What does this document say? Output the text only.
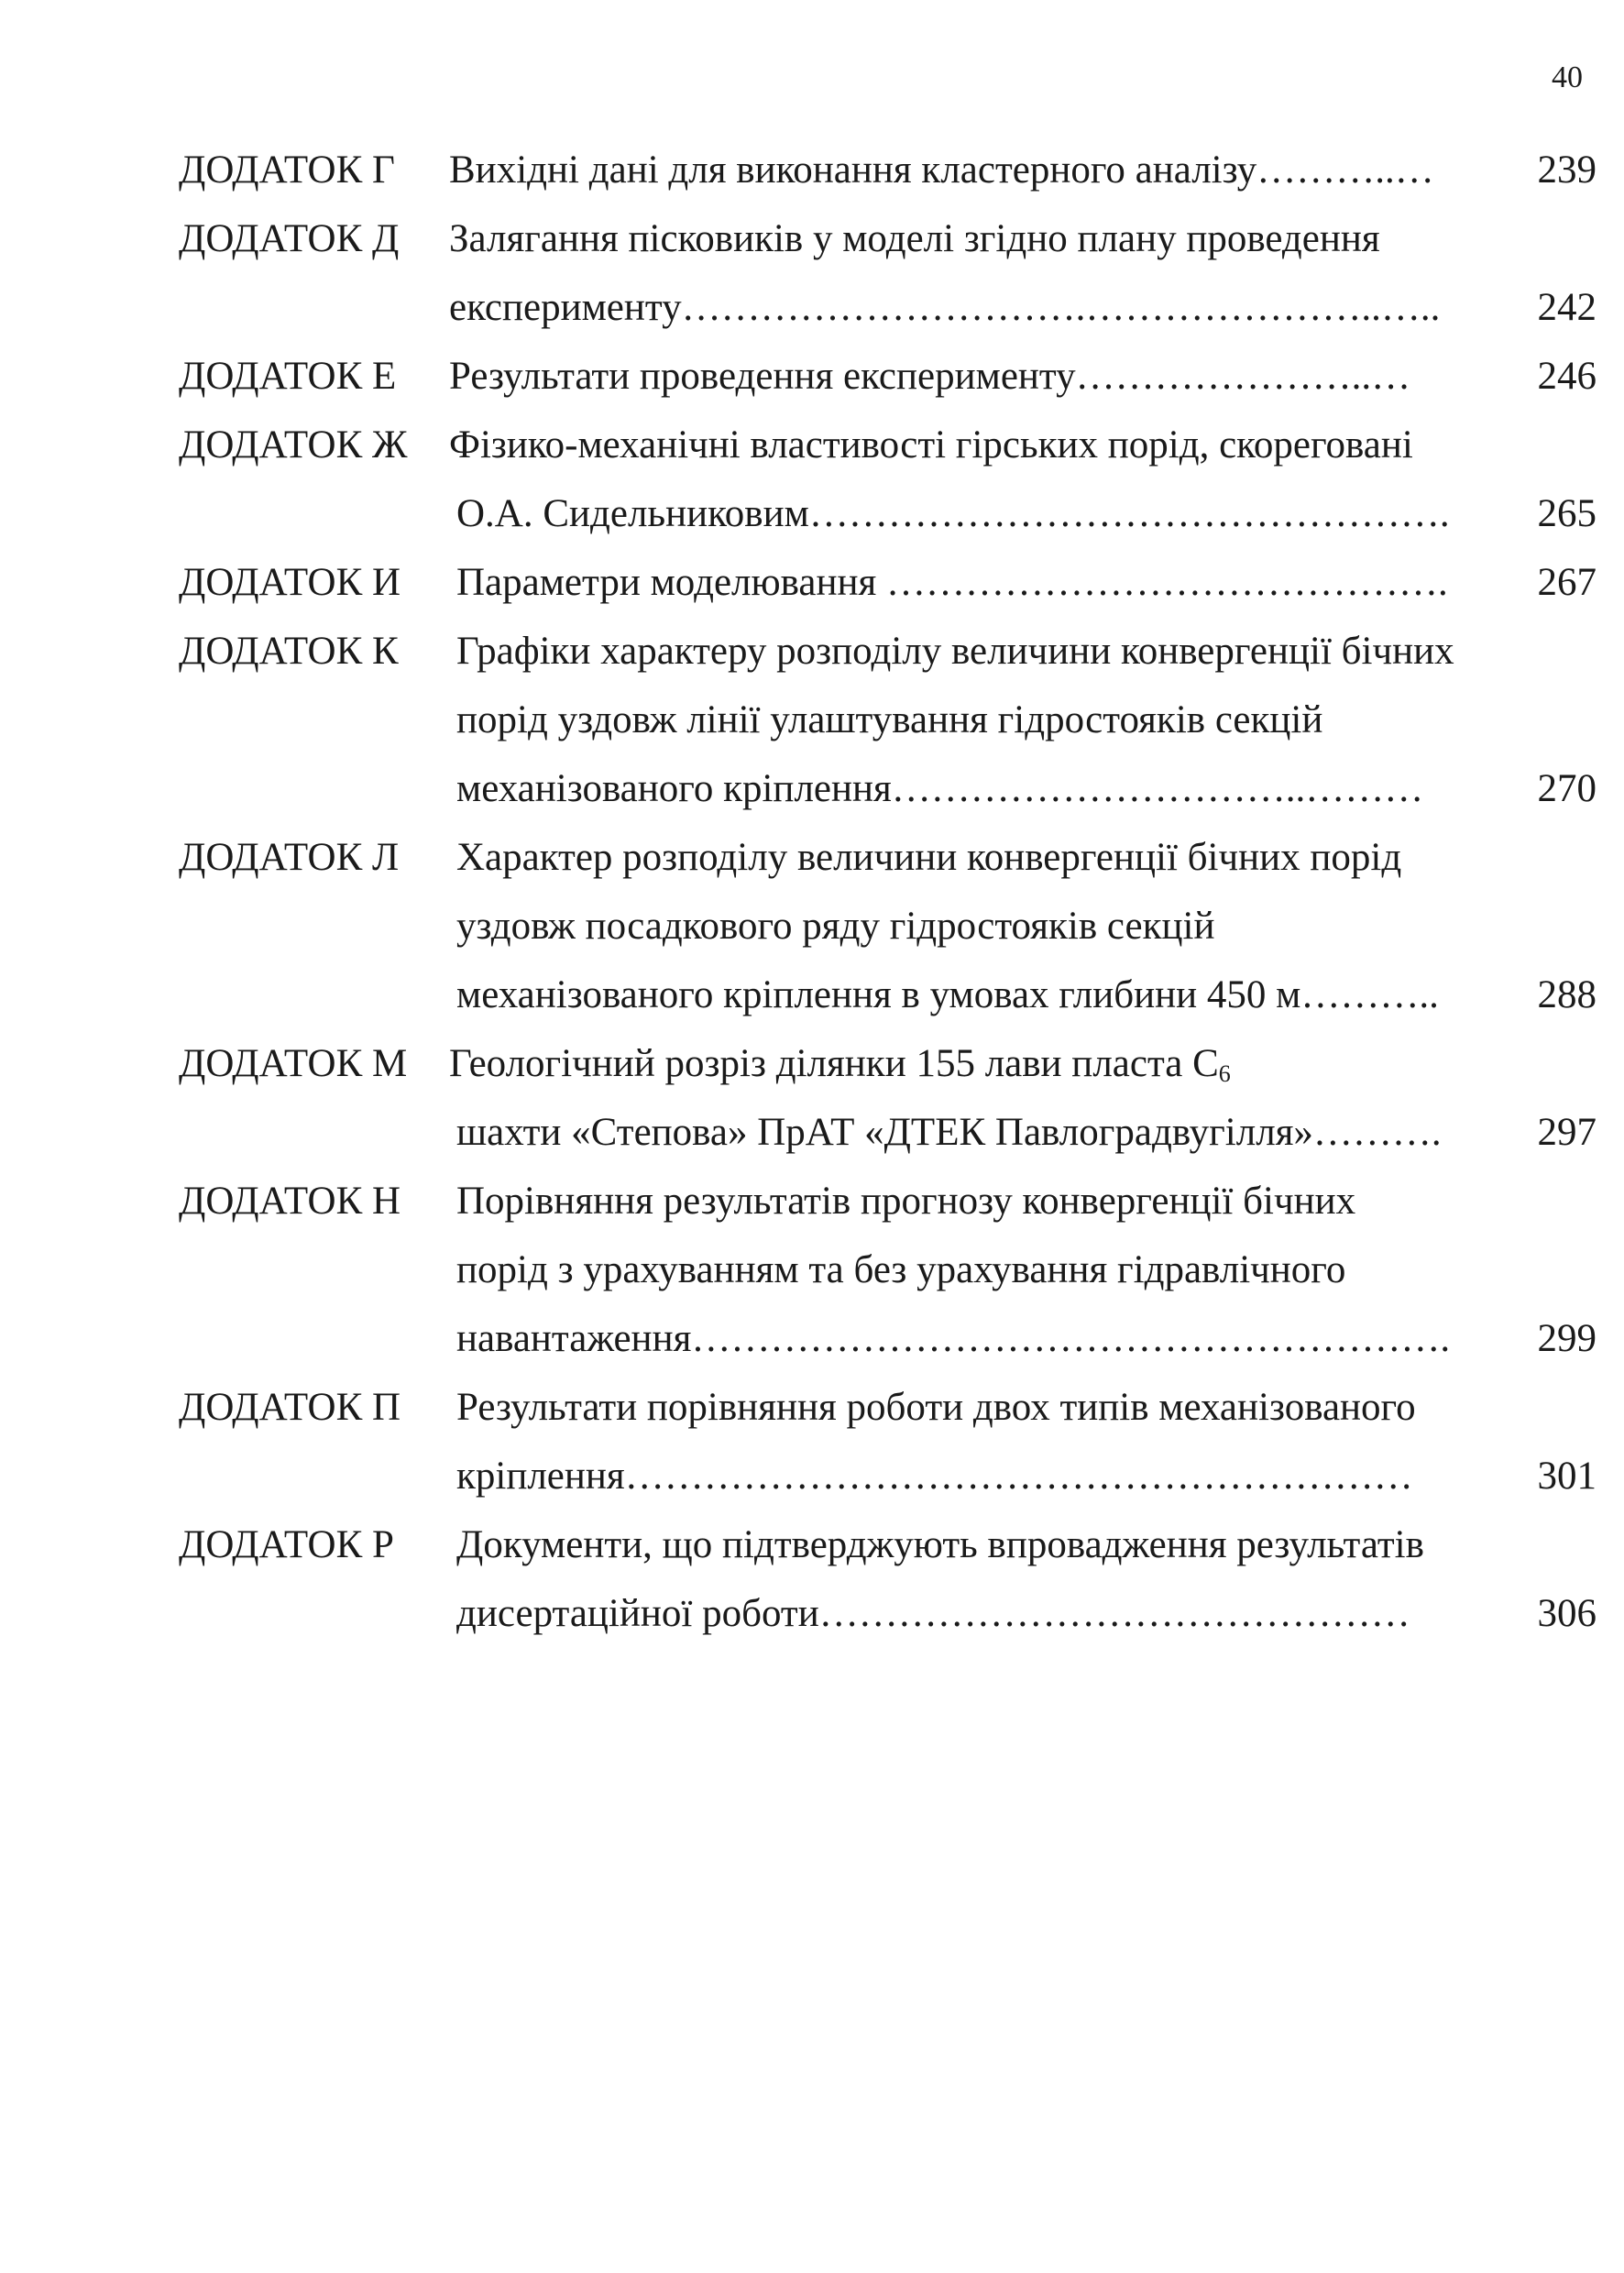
40
ДОДАТОК Г Вихідні дані для виконання кластерного аналізу………..…	239
ДОДАТОК Д Залягання пісковиків у моделі згідно плану проведення
експерименту………………………….…………………..…..	242
ДОДАТОК Е Результати проведення експерименту…………………..…	246
ДОДАТОК Ж Фізико-механічні властивості гірських порід, скореговані
О.А. Сидельниковим………………………………………….	265
ДОДАТОК И Параметри моделювання …………………………………….	267
ДОДАТОК К Графіки характеру розподілу величини конвергенції бічних
порід уздовж лінії улаштування гідростояків секцій
механізованого кріплення…………………………..………	270
ДОДАТОК Л Характер розподілу величини конвергенції бічних порід
уздовж посадкового ряду гідростояків секцій
механізованого кріплення в умовах глибини 450 м………..	288
ДОДАТОК М Геологічний розріз ділянки 155 лави пласта $С_6$
шахти «Степова» ПрАТ «ДТЕК Павлоградвугілля»……….	297
ДОДАТОК Н Порівняння результатів прогнозу конвергенції бічних
порід з урахуванням та без урахування гідравлічного
навантаження………………………………………………….	299
ДОДАТОК П Результати порівняння роботи двох типів механізованого
кріплення……………………………………………………	301
ДОДАТОК Р Документи, що підтверджують впровадження результатів
дисертаційної роботи………………………………………	306
